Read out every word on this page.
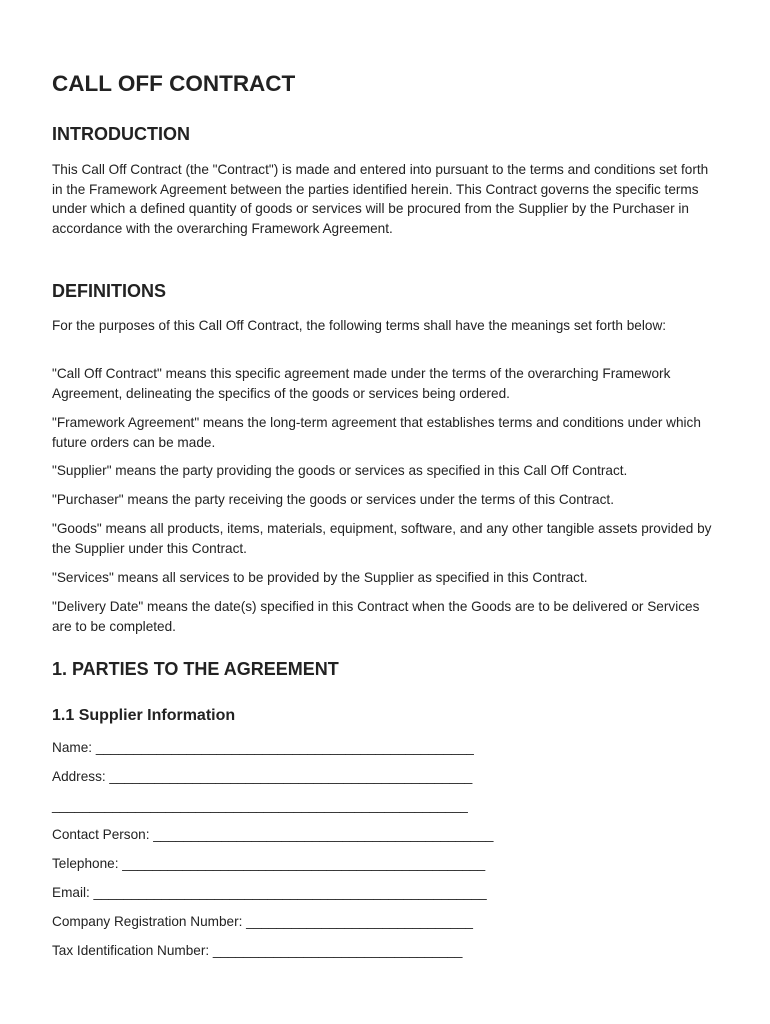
CALL OFF CONTRACT
INTRODUCTION

This Call Off Contract (the "Contract") is made and entered into pursuant to the terms and conditions set forth in the Framework Agreement between the parties identified herein. This Contract governs the specific terms under which a defined quantity of goods or services will be procured from the Supplier by the Purchaser in accordance with the overarching Framework Agreement.

DEFINITIONS

For the purposes of this Call Off Contract, the following terms shall have the meanings set forth below:

"Call Off Contract" means this specific agreement made under the terms of the overarching Framework Agreement, delineating the specifics of the goods or services being ordered.

"Framework Agreement" means the long-term agreement that establishes terms and conditions under which future orders can be made.

"Supplier" means the party providing the goods or services as specified in this Call Off Contract.

"Purchaser" means the party receiving the goods or services under the terms of this Contract.

"Goods" means all products, items, materials, equipment, software, and any other tangible assets provided by the Supplier under this Contract.

"Services" means all services to be provided by the Supplier as specified in this Contract.

"Delivery Date" means the date(s) specified in this Contract when the Goods are to be delivered or Services are to be completed.

1. PARTIES TO THE AGREEMENT
1.1 Supplier Information

Name: __________________________________________________

Address: ________________________________________________

_______________________________________________________

Contact Person: _____________________________________________

Telephone: ________________________________________________

Email: ____________________________________________________

Company Registration Number: ______________________________

Tax Identification Number: _________________________________
